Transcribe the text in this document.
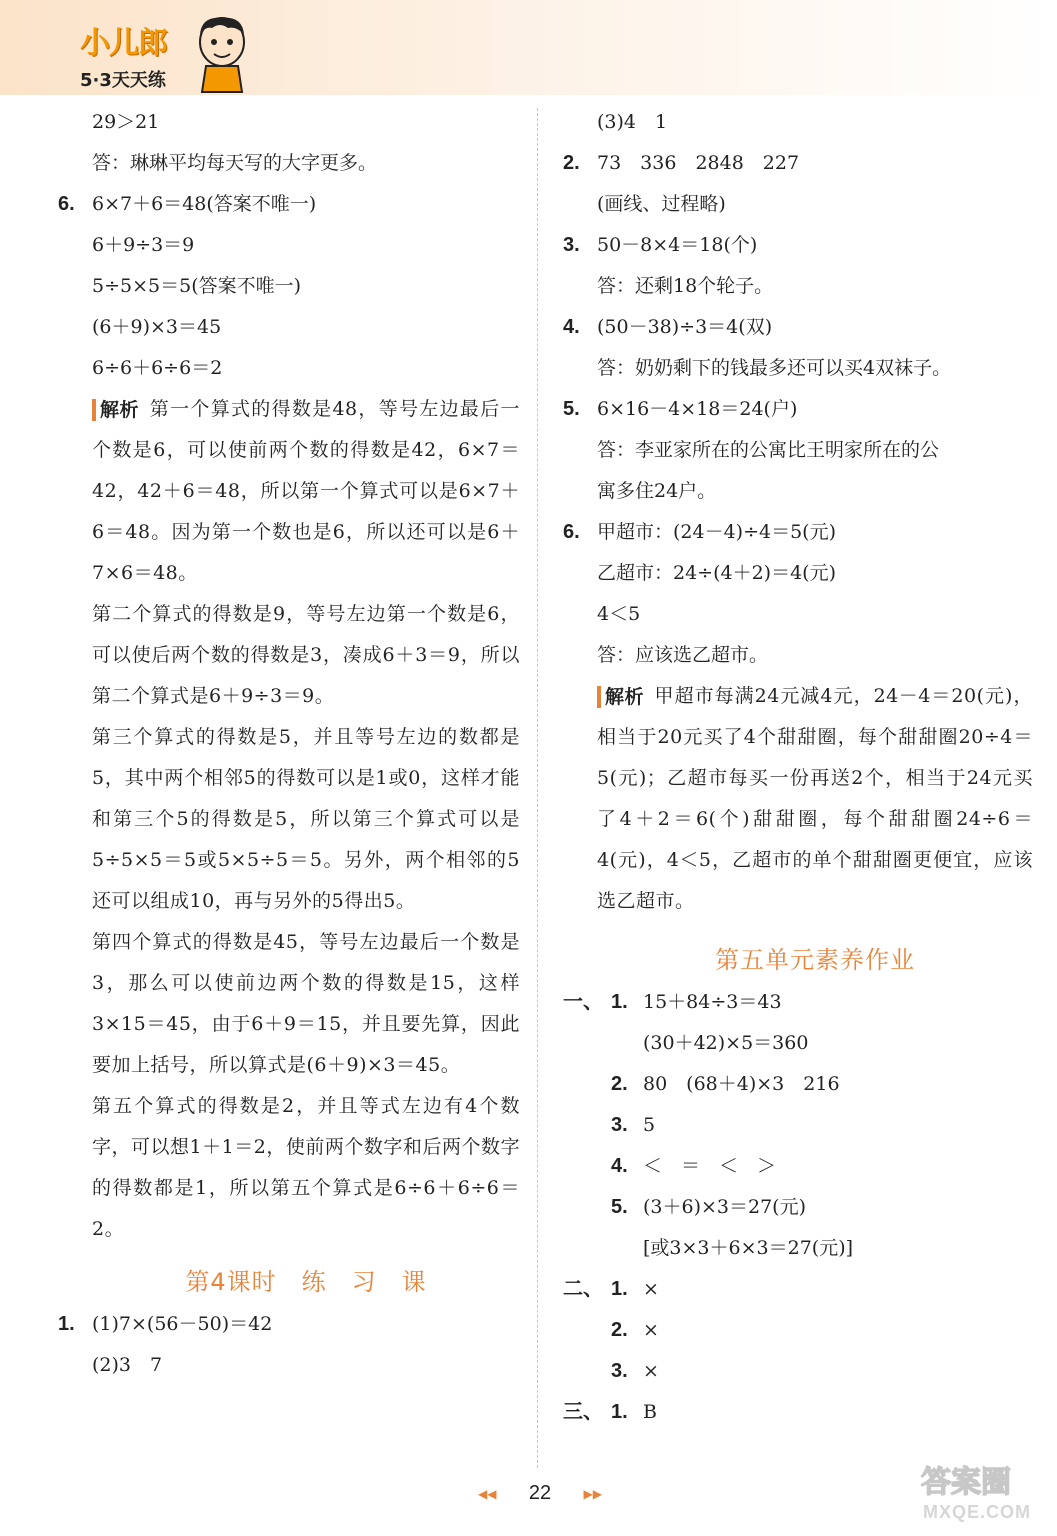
小儿郎
5·3天天练
29＞21
答：琳琳平均每天写的大字更多。
6. 6×7＋6＝48(答案不唯一)
6＋9÷3＝9
5÷5×5＝5(答案不唯一)
(6＋9)×3＝45
6÷6＋6÷6＝2

解析 第一个算式的得数是48，等号左边最后一个数是6，可以使前两个数的得数是42，6×7＝42，42＋6＝48，所以第一个算式可以是6×7＋6＝48。因为第一个数也是6，所以还可以是6＋7×6＝48。

第二个算式的得数是9，等号左边第一个数是6，可以使后两个数的得数是3，凑成6＋3＝9，所以第二个算式是6＋9÷3＝9。

第三个算式的得数是5，并且等号左边的数都是5，其中两个相邻5的得数可以是1或0，这样才能和第三个5的得数是5，所以第三个算式可以是5÷5×5＝5或5×5÷5＝5。另外，两个相邻的5还可以组成10，再与另外的5得出5。

第四个算式的得数是45，等号左边最后一个数是3，那么可以使前边两个数的得数是15，这样3×15＝45，由于6＋9＝15，并且要先算，因此要加上括号，所以算式是(6＋9)×3＝45。

第五个算式的得数是2，并且等式左边有4个数字，可以想1＋1＝2，使前两个数字和后两个数字的得数都是1，所以第五个算式是6÷6＋6÷6＝2。

第4课时　练　习　课
1. (1)7×(56－50)＝42
(2)3　7
(3)4　1
2. 73　336　2848　227
(画线、过程略)
3. 50－8×4＝18(个)
答：还剩18个轮子。
4. (50－38)÷3＝4(双)
答：奶奶剩下的钱最多还可以买4双袜子。
5. 6×16－4×18＝24(户)
答：李亚家所在的公寓比王明家所在的公
寓多住24户。
6. 甲超市：(24－4)÷4＝5(元)
乙超市：24÷(4＋2)＝4(元)
4＜5
答：应该选乙超市。

解析 甲超市每满24元减4元，24－4＝20(元)，相当于20元买了4个甜甜圈，每个甜甜圈20÷4＝5(元)；乙超市每买一份再送2个，相当于24元买了4＋2＝6(个)甜甜圈，每个甜甜圈24÷6＝4(元)，4＜5，乙超市的单个甜甜圈更便宜，应该选乙超市。

第五单元素养作业
一、 1. 15＋84÷3＝43
(30＋42)×5＝360
2. 80　(68＋4)×3　216
3. 5
4. ＜　＝　＜　＞
5. (3＋6)×3＝27(元)
[或3×3＋6×3＝27(元)]
二、 1. ×
2. ×
3. ×
三、 1. B
◀◀ 22	▶▶	答案圈
MXQE.COM
